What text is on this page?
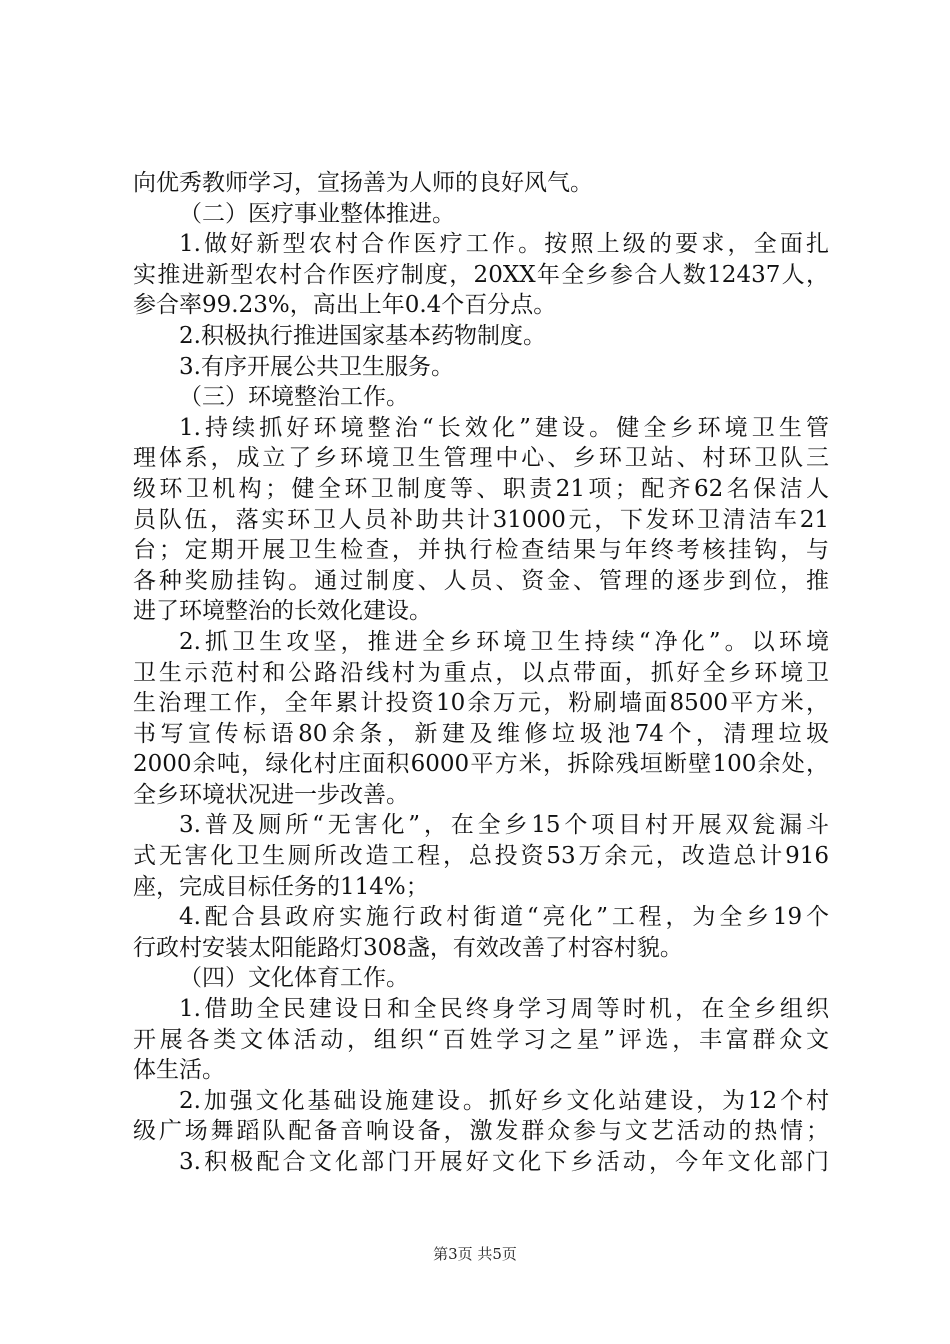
向优秀教师学习，宣扬善为人师的良好风气。
（二）医疗事业整体推进。
1.做好新型农村合作医疗工作。按照上级的要求，全面扎
实推进新型农村合作医疗制度，20XX年全乡参合人数12437人，
参合率99.23%，高出上年0.4个百分点。
2.积极执行推进国家基本药物制度。
3.有序开展公共卫生服务。
（三）环境整治工作。
1.持续抓好环境整治“长效化”建设。健全乡环境卫生管
理体系，成立了乡环境卫生管理中心、乡环卫站、村环卫队三
级环卫机构；健全环卫制度等、职责21项；配齐62名保洁人
员队伍，落实环卫人员补助共计31000元，下发环卫清洁车21
台；定期开展卫生检查，并执行检查结果与年终考核挂钩，与
各种奖励挂钩。通过制度、人员、资金、管理的逐步到位，推
进了环境整治的长效化建设。
2.抓卫生攻坚，推进全乡环境卫生持续“净化”。以环境
卫生示范村和公路沿线村为重点，以点带面，抓好全乡环境卫
生治理工作，全年累计投资10余万元，粉刷墙面8500平方米，
书写宣传标语80余条，新建及维修垃圾池74个，清理垃圾
2000余吨，绿化村庄面积6000平方米，拆除残垣断壁100余处，
全乡环境状况进一步改善。
3.普及厕所“无害化”，在全乡15个项目村开展双瓮漏斗
式无害化卫生厕所改造工程，总投资53万余元，改造总计916
座，完成目标任务的114%；
4.配合县政府实施行政村街道“亮化”工程，为全乡19个
行政村安装太阳能路灯308盏，有效改善了村容村貌。
（四）文化体育工作。
1.借助全民建设日和全民终身学习周等时机，在全乡组织
开展各类文体活动，组织“百姓学习之星”评选，丰富群众文
体生活。
2.加强文化基础设施建设。抓好乡文化站建设，为12个村
级广场舞蹈队配备音响设备，激发群众参与文艺活动的热情；
3.积极配合文化部门开展好文化下乡活动，今年文化部门
第3页 共5页
